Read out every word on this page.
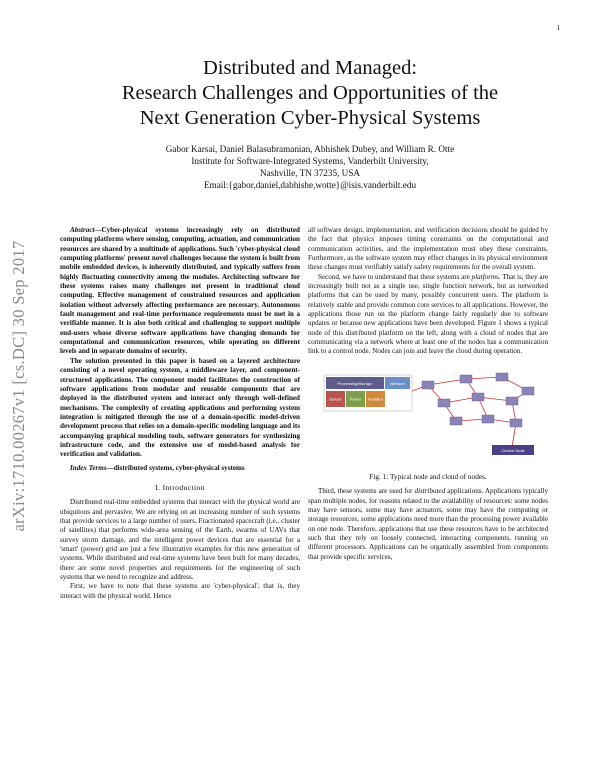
1
arXiv:1710.00267v1 [cs.DC] 30 Sep 2017
Distributed and Managed:
Research Challenges and Opportunities of the
Next Generation Cyber-Physical Systems
Gabor Karsai, Daniel Balasubramanian, Abhishek Dubey, and William R. Otte
Institute for Software-Integrated Systems, Vanderbilt University,
Nashville, TN 37235, USA
Email:{gabor,daniel,dabhishe,wotte}@isis.vanderbilt.edu

Abstract—Cyber-physical systems increasingly rely on distributed computing platforms where sensing, computing, actuation, and communication resources are shared by a multitude of applications. Such 'cyber-physical cloud computing platforms' present novel challenges because the system is built from mobile embedded devices, is inherently distributed, and typically suffers from highly fluctuating connectivity among the modules. Architecting software for these systems raises many challenges not present in traditional cloud computing. Effective management of constrained resources and application isolation without adversely affecting performance are necessary. Autonomous fault management and real-time performance requirements must be met in a verifiable manner. It is also both critical and challenging to support multiple end-users whose diverse software applications have changing demands for computational and communication resources, while operating on different levels and in separate domains of security.

The solution presented in this paper is based on a layered architecture consisting of a novel operating system, a middleware layer, and component-structured applications. The component model facilitates the construction of software applications from modular and reusable components that are deployed in the distributed system and interact only through well-defined mechanisms. The complexity of creating applications and performing system integration is mitigated through the use of a domain-specific model-driven development process that relies on a domain-specific modeling language and its accompanying graphical modeling tools, software generators for synthesizing infrastructure code, and the extensive use of model-based analysis for verification and validation.

Index Terms—distributed systems, cyber-physical systems

I. Introduction

Distributed real-time embedded systems that interact with the physical world are ubiquitous and pervasive. We are relying on an increasing number of such systems that provide services to a large number of users. Fractionated spacecraft (i.e., cluster of satellites) that performs wide-area sensing of the Earth, swarms of UAVs that survey storm damage, and the intelligent power devices that are essential for a 'smart' (power) grid are just a few illustrative examples for this new generation of systems. While distributed and real-time systems have been built for many decades, there are some novel properties and requirements for the engineering of such systems that we need to recognize and address.

First, we have to note that these systems are 'cyber-physical', that is, they interact with the physical world. Hence

all software design, implementation, and verification decisions should be guided by the fact that physics imposes timing constraints on the computational and communication activities, and the implementation must obey these constraints. Furthermore, as the software system may effect changes in its physical environment these changes must verifiably satisfy safety requirements for the overall system.

Second, we have to understand that these systems are platforms. That is, they are increasingly built not as a single use, single function network, but as networked platforms that can be used by many, possibly concurrent users. The platform is relatively stable and provide common core services to all applications. However, the applications those run on the platform change fairly regularly due to software updates or because new applications have been developed. Figure 1 shows a typical node of this distributed platform on the left, along with a cloud of nodes that are communicating via a network where at least one of the nodes has a communication link to a control node. Nodes can join and leave the cloud during operation.

Processing/Storage	Network
Sensor Power Actuator
Control Node
Fig. 1: Typical node and cloud of nodes.

Third, these systems are used for distributed applications. Applications typically span multiple nodes, for reasons related to the availability of resources: some nodes may have sensors, some may have actuators, some may have the computing or storage resources, some applications need more than the processing power available on one node. Therefore, applications that use these resources have to be architected such that they rely on loosely connected, interacting components, running on different processors. Applications can be organically assembled from components that provide specific services,
